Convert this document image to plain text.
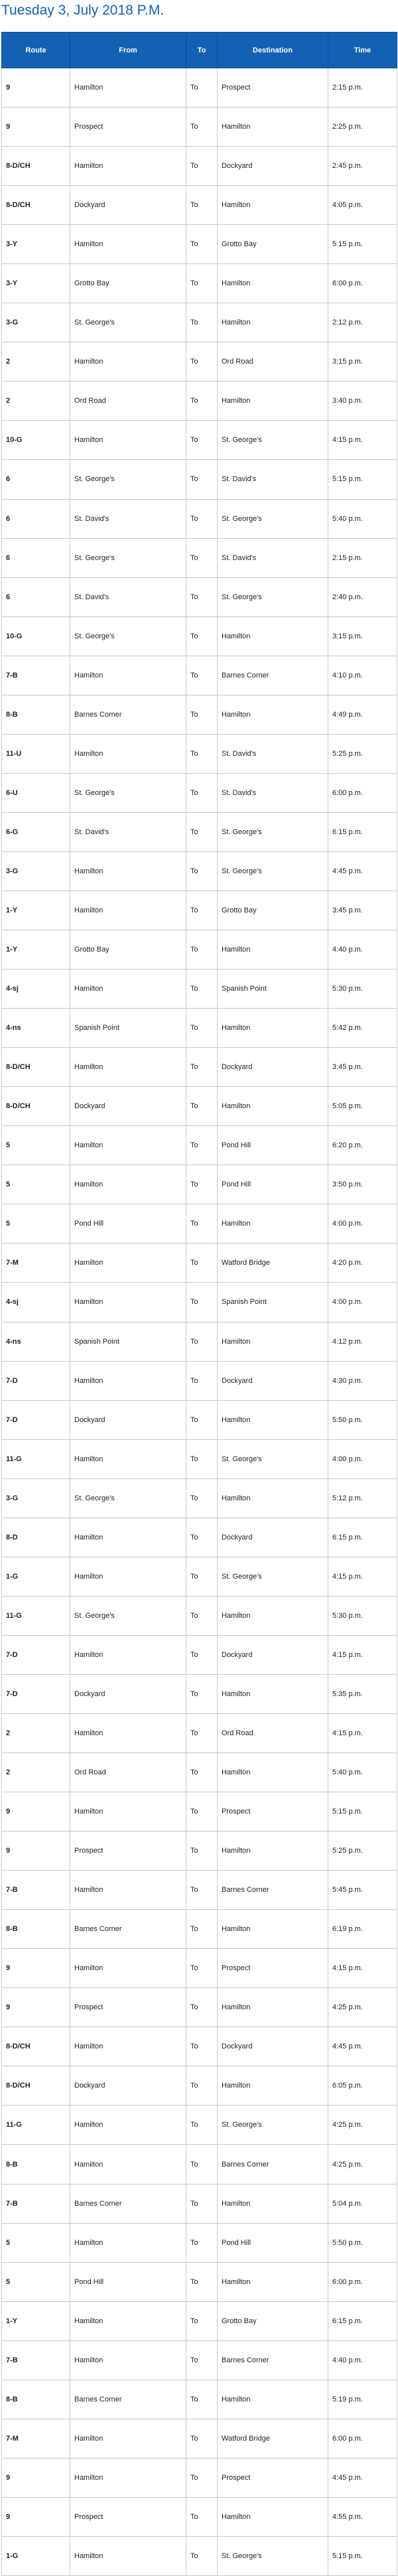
Tuesday 3, July 2018 P.M.
Route	From	To	Destination	Time
9	Hamilton	To	Prospect	2:15 p.m.
9	Prospect	To	Hamilton	2:25 p.m.
8-D/CH	Hamilton	To	Dockyard	2:45 p.m.
8-D/CH	Dockyard	To	Hamilton	4:05 p.m.
3-Y	Hamilton	To	Grotto Bay	5:15 p.m.
3-Y	Grotto Bay	To	Hamilton	6:00 p.m.
3-G	St. George's	To	Hamilton	2:12 p.m.
2	Hamilton	To	Ord Road	3:15 p.m.
2	Ord Road	To	Hamilton	3:40 p.m.
10-G	Hamilton	To	St. George's	4:15 p.m.
6	St. George's	To	St. David's	5:15 p.m.
6	St. David's	To	St. George's	5:40 p.m.
6	St. George's	To	St. David's	2:15 p.m.
6	St. David's	To	St. George's	2:40 p.m.
10-G	St. George's	To	Hamilton	3:15 p.m.
7-B	Hamilton	To	Barnes Corner	4:10 p.m.
8-B	Barnes Corner	To	Hamilton	4:49 p.m.
11-U	Hamilton	To	St. David's	5:25 p.m.
6-U	St. George's	To	St. David's	6:00 p.m.
6-G	St. David's	To	St. George's	6:15 p.m.
3-G	Hamilton	To	St. George's	4:45 p.m.
1-Y	Hamilton	To	Grotto Bay	3:45 p.m.
1-Y	Grotto Bay	To	Hamilton	4:40 p.m.
4-sj	Hamilton	To	Spanish Point	5:30 p.m.
4-ns	Spanish Point	To	Hamilton	5:42 p.m.
8-D/CH	Hamilton	To	Dockyard	3:45 p.m.
8-D/CH	Dockyard	To	Hamilton	5:05 p.m.
5	Hamilton	To	Pond Hill	6:20 p.m.
5	Hamilton	To	Pond Hill	3:50 p.m.
5	Pond Hill	To	Hamilton	4:00 p.m.
7-M	Hamilton	To	Watford Bridge	4:20 p.m.
4-sj	Hamilton	To	Spanish Point	4:00 p.m.
4-ns	Spanish Point	To	Hamilton	4:12 p.m.
7-D	Hamilton	To	Dockyard	4:30 p.m.
7-D	Dockyard	To	Hamilton	5:50 p.m.
11-G	Hamilton	To	St. George's	4:00 p.m.
3-G	St. George's	To	Hamilton	5:12 p.m.
8-D	Hamilton	To	Dockyard	6:15 p.m.
1-G	Hamilton	To	St. George's	4:15 p.m.
11-G	St. George's	To	Hamilton	5:30 p.m.
7-D	Hamilton	To	Dockyard	4:15 p.m.
7-D	Dockyard	To	Hamilton	5:35 p.m.
2	Hamilton	To	Ord Road	4:15 p.m.
2	Ord Road	To	Hamilton	5:40 p.m.
9	Hamilton	To	Prospect	5:15 p.m.
9	Prospect	To	Hamilton	5:25 p.m.
7-B	Hamilton	To	Barnes Corner	5:45 p.m.
8-B	Barnes Corner	To	Hamilton	6:19 p.m.
9	Hamilton	To	Prospect	4:15 p.m.
9	Prospect	To	Hamilton	4:25 p.m.
8-D/CH	Hamilton	To	Dockyard	4:45 p.m.
8-D/CH	Dockyard	To	Hamilton	6:05 p.m.
11-G	Hamilton	To	St. George's	4:25 p.m.
8-B	Hamilton	To	Barnes Corner	4:25 p.m.
7-B	Barnes Corner	To	Hamilton	5:04 p.m.
5	Hamilton	To	Pond Hill	5:50 p.m.
5	Pond Hill	To	Hamilton	6:00 p.m.
1-Y	Hamilton	To	Grotto Bay	6:15 p.m.
7-B	Hamilton	To	Barnes Corner	4:40 p.m.
8-B	Barnes Corner	To	Hamilton	5:19 p.m.
7-M	Hamilton	To	Watford Bridge	6:00 p.m.
9	Hamilton	To	Prospect	4:45 p.m.
9	Prospect	To	Hamilton	4:55 p.m.
1-G	Hamilton	To	St. George's	5:15 p.m.
